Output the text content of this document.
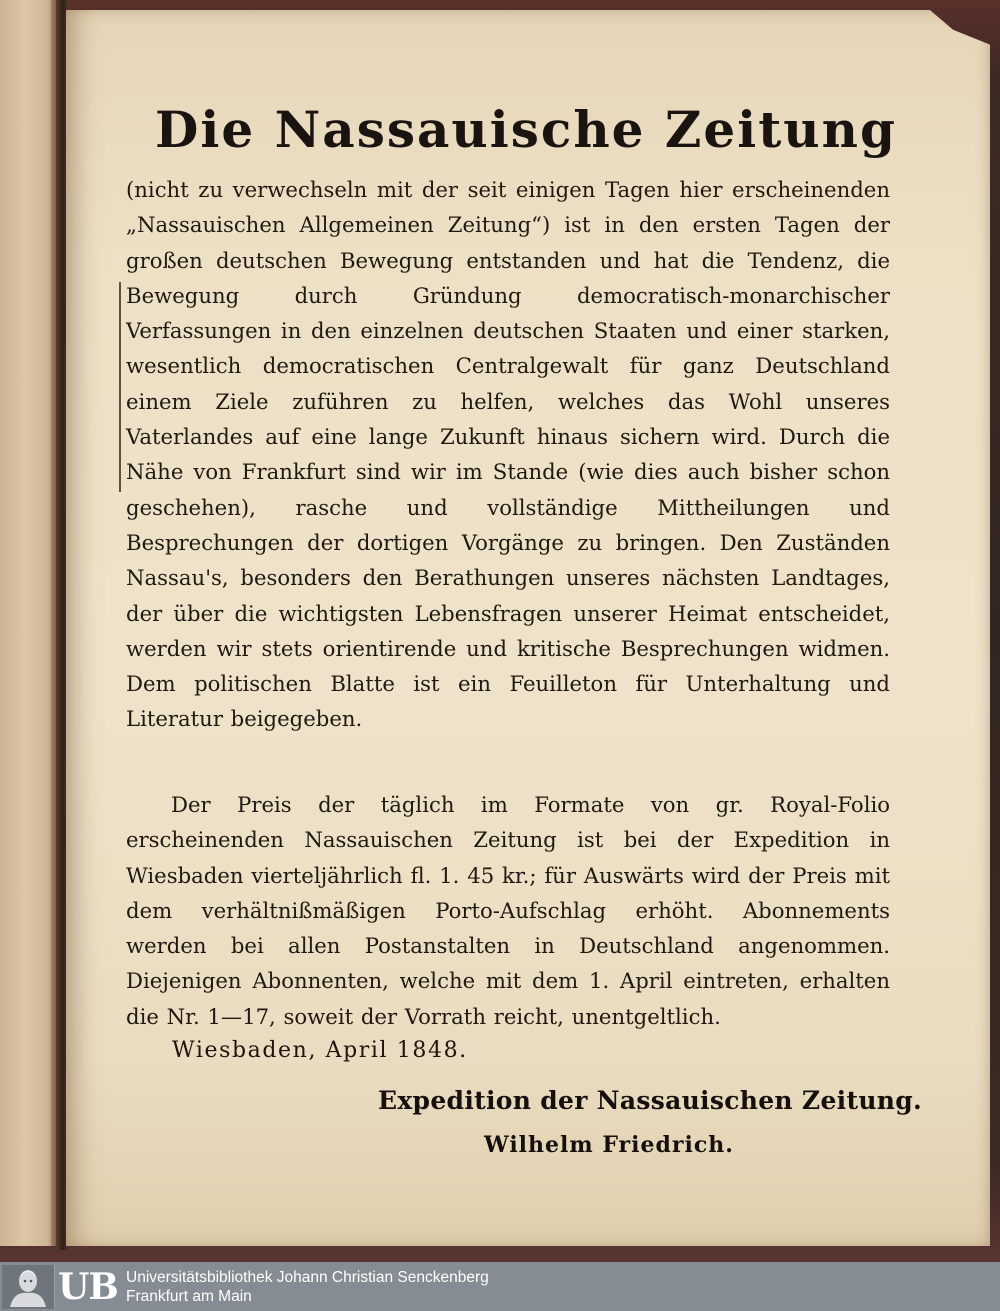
Die Nassauische Zeitung

(nicht zu verwechseln mit der seit einigen Tagen hier erscheinenden „Nassauischen Allgemeinen Zeitung“) ist in den ersten Tagen der großen deutschen Bewegung entstanden und hat die Tendenz, die Bewegung durch Gründung democratisch-monarchischer Verfassungen in den einzelnen deutschen Staaten und einer starken, wesentlich democratischen Centralgewalt für ganz Deutschland einem Ziele zuführen zu helfen, welches das Wohl unseres Vaterlandes auf eine lange Zukunft hinaus sichern wird. Durch die Nähe von Frankfurt sind wir im Stande (wie dies auch bisher schon geschehen), rasche und vollständige Mittheilungen und Besprechungen der dortigen Vorgänge zu bringen. Den Zuständen Nassau's, besonders den Berathungen unseres nächsten Landtages, der über die wichtigsten Lebensfragen unserer Heimat entscheidet, werden wir stets orientirende und kritische Besprechungen widmen. Dem politischen Blatte ist ein Feuilleton für Unterhaltung und Literatur beigegeben.

Der Preis der täglich im Formate von gr. Royal-Folio erscheinenden Nassauischen Zeitung ist bei der Expedition in Wiesbaden vierteljährlich fl. 1. 45 kr.; für Auswärts wird der Preis mit dem verhältnißmäßigen Porto-Aufschlag erhöht. Abonnements werden bei allen Postanstalten in Deutschland angenommen. Diejenigen Abonnenten, welche mit dem 1. April eintreten, erhalten die Nr. 1—17, soweit der Vorrath reicht, unentgeltlich.

Wiesbaden, April 1848.
Expedition der Nassauischen Zeitung.
Wilhelm Friedrich.
UB Universitätsbibliothek Johann Christian Senckenberg
Frankfurt am Main
